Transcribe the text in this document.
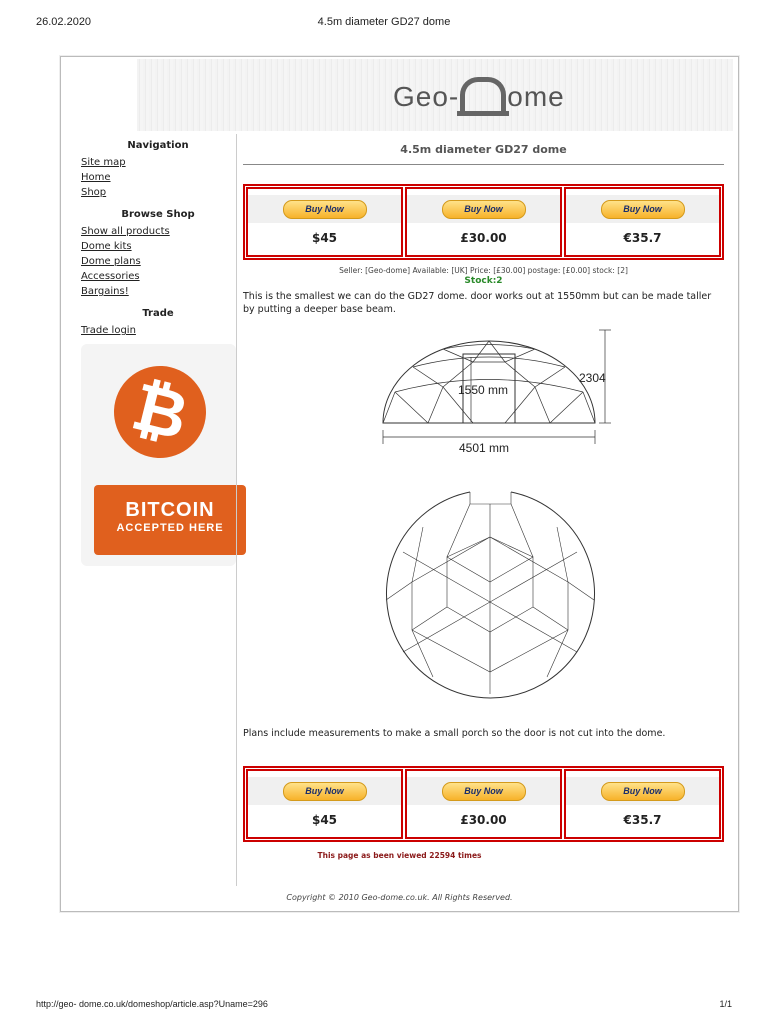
26.02.2020	4.5m diameter GD27 dome
Geo- ome
Navigation
Site map
Home
Shop
Browse Shop
Show all products
Dome kits
Dome plans
Accessories
Bargains!
Trade
Trade login
₿
BITCOIN
ACCEPTED HERE
4.5m diameter GD27 dome
Buy Now
$45
Buy Now
£30.00
Buy Now
€35.7
Seller: [Geo-dome] Available: [UK] Price: [£30.00] postage: [£0.00] stock: [2]
Stock:2
This is the smallest we can do the GD27 dome. door works out at 1550mm but can be made taller by putting a deeper base beam.
1550 mm
2304
4501 mm
Plans include measurements to make a small porch so the door is not cut into the dome.
Buy Now
$45
Buy Now
£30.00
Buy Now
€35.7
This page as been viewed 22594 times
Copyright © 2010 Geo-dome.co.uk. All Rights Reserved.
http://geo- dome.co.uk/domeshop/article.asp?Uname=296	1/1
